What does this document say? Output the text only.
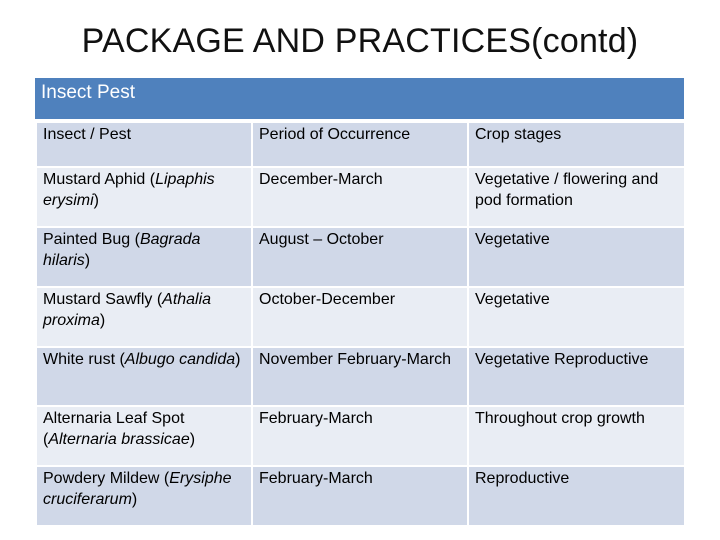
PACKAGE AND PRACTICES(contd)
Insect Pest
Insect / Pest	Period of Occurrence	Crop stages
Mustard Aphid (Lipaphis erysimi)	December-March	Vegetative / flowering and pod formation
Painted Bug (Bagrada hilaris)	August – October	Vegetative
Mustard Sawfly (Athalia proxima)	October-December	Vegetative
White rust (Albugo candida)	November February-March	Vegetative Reproductive
Alternaria Leaf Spot (Alternaria brassicae)	February-March	Throughout crop growth
Powdery Mildew (Erysiphe cruciferarum)	February-March	Reproductive
